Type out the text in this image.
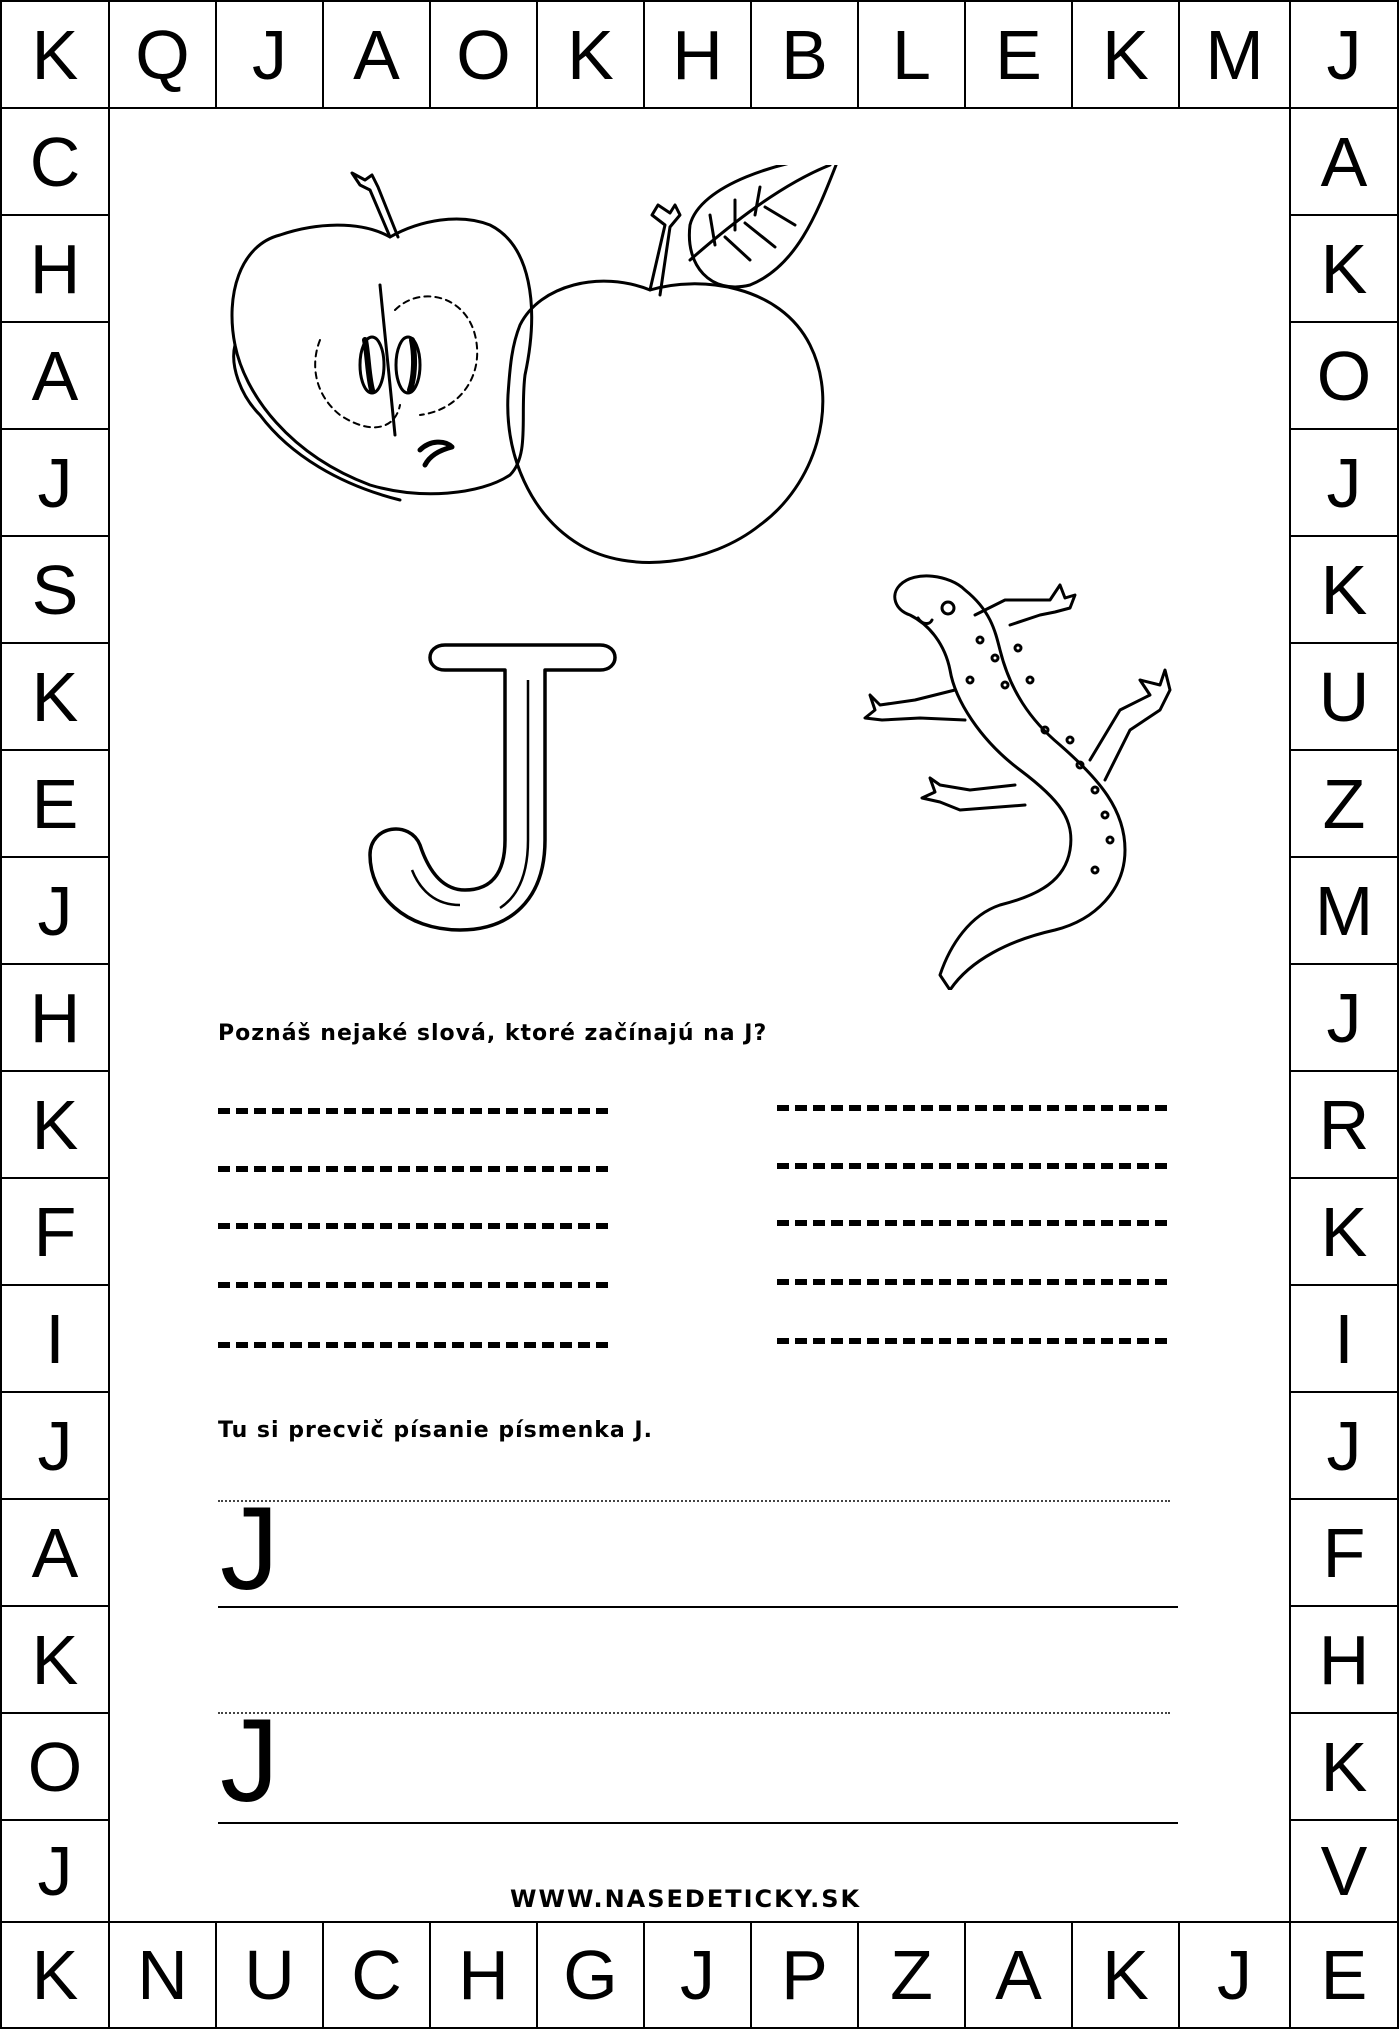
K Q J A O K H B L E K M J
C
H
A
J
S
K
E
J
H
K
F
I
J
A
K
O
J
A
K
O
J
K
U
Z
M
J
R
K
I
J
F
H
K
V
K N U C H G J P Z A K J E
Poznáš nejaké slová, ktoré začínajú na J?
Tu si precvič písanie písmenka J.
J
J
WWW.NASEDETICKY.SK
